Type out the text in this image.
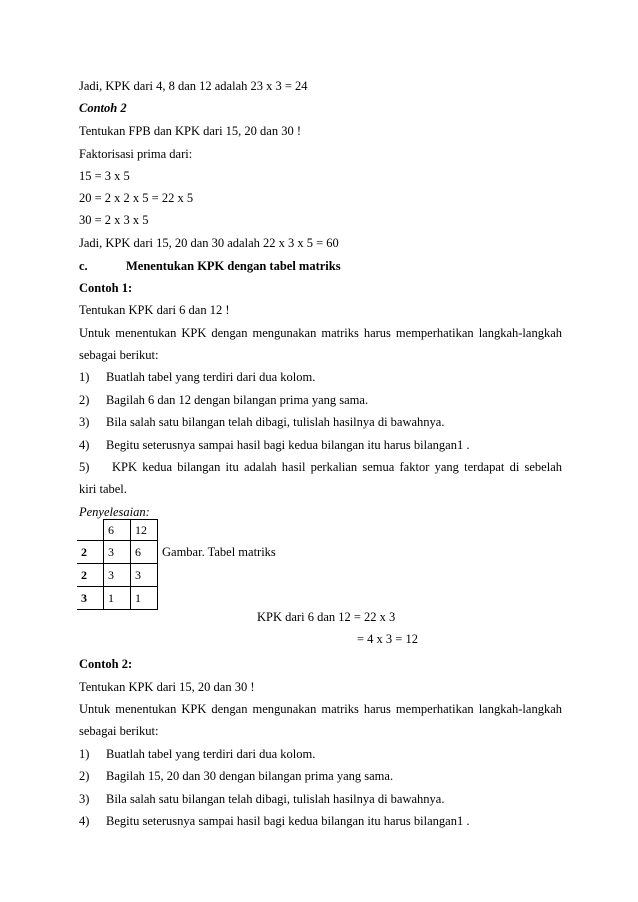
Jadi, KPK dari 4, 8 dan 12 adalah 23 x 3 = 24
Contoh 2
Tentukan FPB dan KPK dari 15, 20 dan 30 !
Faktorisasi prima dari:
15 = 3 x 5
20 = 2 x 2 x 5 = 22 x 5
30 = 2 x 3 x 5
Jadi, KPK dari 15, 20 dan 30 adalah 22 x 3 x 5 = 60
c.	Menentukan KPK dengan tabel matriks
Contoh 1:
Tentukan KPK dari 6 dan 12 !
Untuk menentukan KPK dengan mengunakan matriks harus memperhatikan langkah-langkah
sebagai berikut:
1) Buatlah tabel yang terdiri dari dua kolom.
2) Bagilah 6 dan 12 dengan bilangan prima yang sama.
3) Bila salah satu bilangan telah dibagi, tulislah hasilnya di bawahnya.
4) Begitu seterusnya sampai hasil bagi kedua bilangan itu harus bilangan1 .
5) KPK kedua bilangan itu adalah hasil perkalian semua faktor yang terdapat di sebelah
kiri tabel.
Penyelesaian:
	6	12
2	3	6
2	3	3
3	1	1
Gambar. Tabel matriks
KPK dari 6 dan 12 = 22 x 3
= 4 x 3 = 12
Contoh 2:
Tentukan KPK dari 15, 20 dan 30 !
Untuk menentukan KPK dengan mengunakan matriks harus memperhatikan langkah-langkah
sebagai berikut:
1) Buatlah tabel yang terdiri dari dua kolom.
2) Bagilah 15, 20 dan 30 dengan bilangan prima yang sama.
3) Bila salah satu bilangan telah dibagi, tulislah hasilnya di bawahnya.
4) Begitu seterusnya sampai hasil bagi kedua bilangan itu harus bilangan1 .
